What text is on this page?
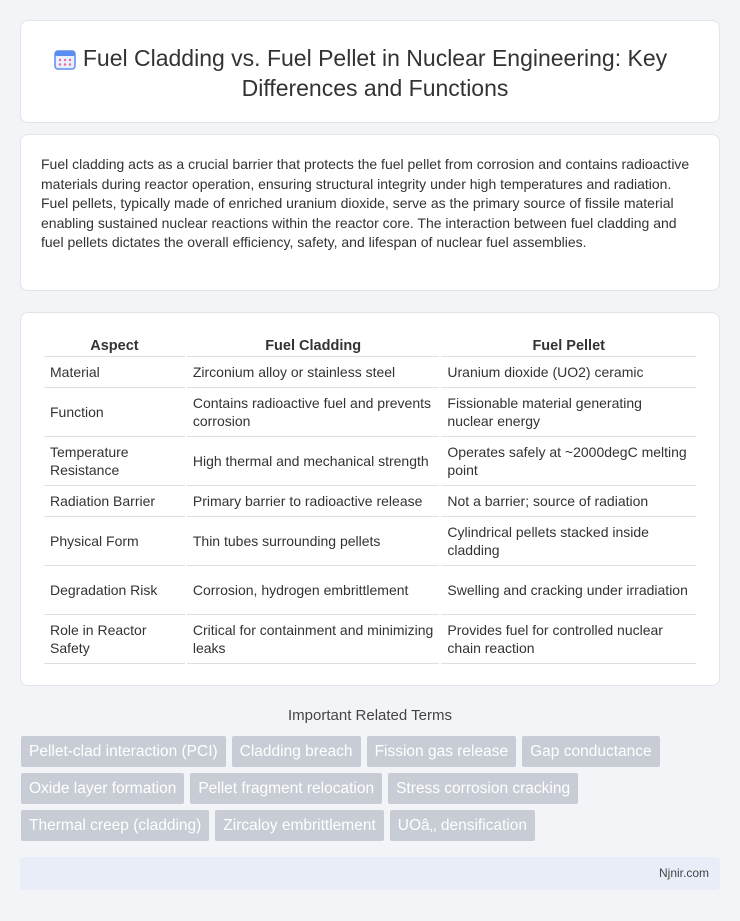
Fuel Cladding vs. Fuel Pellet in Nuclear Engineering: Key Differences and Functions

Fuel cladding acts as a crucial barrier that protects the fuel pellet from corrosion and contains radioactive materials during reactor operation, ensuring structural integrity under high temperatures and radiation. Fuel pellets, typically made of enriched uranium dioxide, serve as the primary source of fissile material enabling sustained nuclear reactions within the reactor core. The interaction between fuel cladding and fuel pellets dictates the overall efficiency, safety, and lifespan of nuclear fuel assemblies.

Aspect	Fuel Cladding	Fuel Pellet
Material	Zirconium alloy or stainless steel	Uranium dioxide (UO2) ceramic
Function	Contains radioactive fuel and prevents corrosion	Fissionable material generating nuclear energy
Temperature Resistance	High thermal and mechanical strength	Operates safely at ~2000degC melting point
Radiation Barrier	Primary barrier to radioactive release	Not a barrier; source of radiation
Physical Form	Thin tubes surrounding pellets	Cylindrical pellets stacked inside cladding
Degradation Risk	Corrosion, hydrogen embrittlement	Swelling and cracking under irradiation
Role in Reactor Safety	Critical for containment and minimizing leaks	Provides fuel for controlled nuclear chain reaction
Important Related Terms
Pellet-clad interaction (PCI) Cladding breach Fission gas release Gap conductance
Oxide layer formation Pellet fragment relocation Stress corrosion cracking
Thermal creep (cladding) Zircaloy embrittlement UOâ‚‚ densification
Njnir.com
